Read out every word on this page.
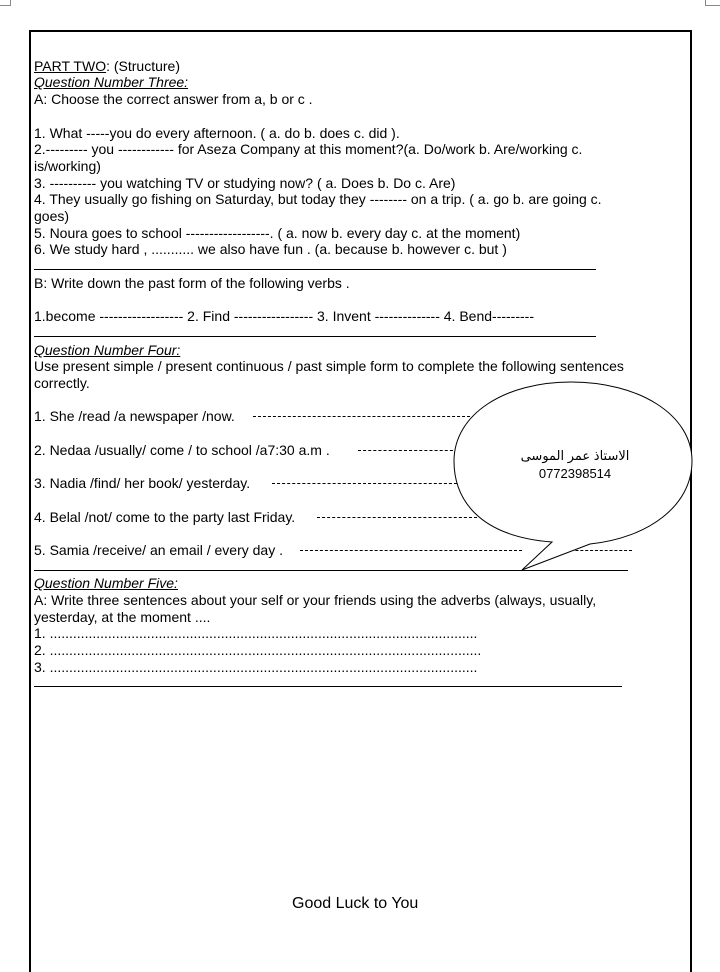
PART TWO: (Structure)
Question Number Three:
A: Choose the correct answer from a, b or c .
1. What -----you do every afternoon. ( a. do b. does c. did ).
2.--------- you ------------ for Aseza Company at this moment?(a. Do/work b. Are/working c.
is/working)
3. ---------- you watching TV or studying now? ( a. Does b. Do c. Are)
4. They usually go fishing on Saturday, but today they -------- on a trip. ( a. go b. are going c.
goes)
5. Noura goes to school ------------------. ( a. now b. every day c. at the moment)
6. We study hard , ........... we also have fun . (a. because b. however c. but )
B: Write down the past form of the following verbs .
1.become ------------------ 2. Find ----------------- 3. Invent -------------- 4. Bend---------
Question Number Four:
Use present simple / present continuous / past simple form to complete the following sentences
correctly.
1. She /read /a newspaper /now.
2. Nedaa /usually/ come / to school /a7:30 a.m .
3. Nadia /find/ her book/ yesterday.
4. Belal /not/ come to the party last Friday.
5. Samia /receive/ an email / every day .
الاستاذ عمر الموسى
0772398514
Question Number Five:
A: Write three sentences about your self or your friends using the adverbs (always, usually,
yesterday, at the moment ....
1. ..............................................................................................................
2. ...............................................................................................................
3. ..............................................................................................................
Good Luck to You
